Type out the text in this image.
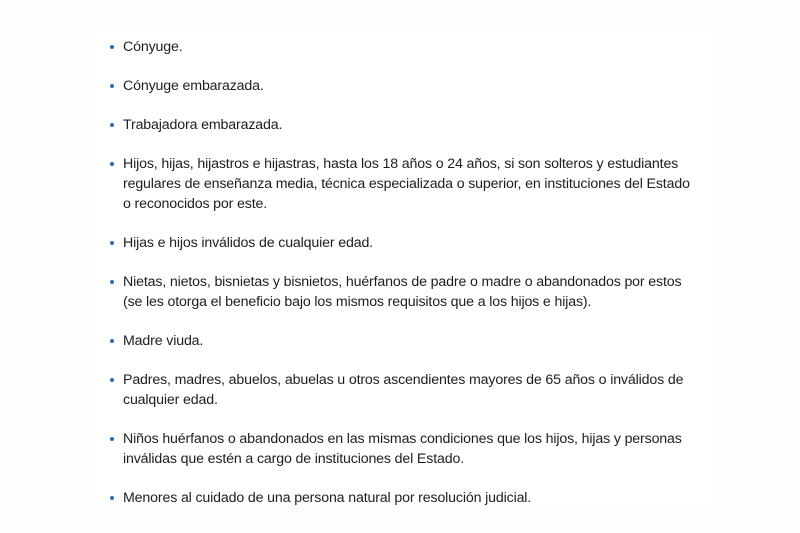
Cónyuge.
Cónyuge embarazada.
Trabajadora embarazada.
Hijos, hijas, hijastros e hijastras, hasta los 18 años o 24 años, si son solteros y estudiantes regulares de enseñanza media, técnica especializada o superior, en instituciones del Estado o reconocidos por este.
Hijas e hijos inválidos de cualquier edad.
Nietas, nietos, bisnietas y bisnietos, huérfanos de padre o madre o abandonados por estos (se les otorga el beneficio bajo los mismos requisitos que a los hijos e hijas).
Madre viuda.
Padres, madres, abuelos, abuelas u otros ascendientes mayores de 65 años o inválidos de cualquier edad.
Niños huérfanos o abandonados en las mismas condiciones que los hijos, hijas y personas inválidas que estén a cargo de instituciones del Estado.
Menores al cuidado de una persona natural por resolución judicial.
